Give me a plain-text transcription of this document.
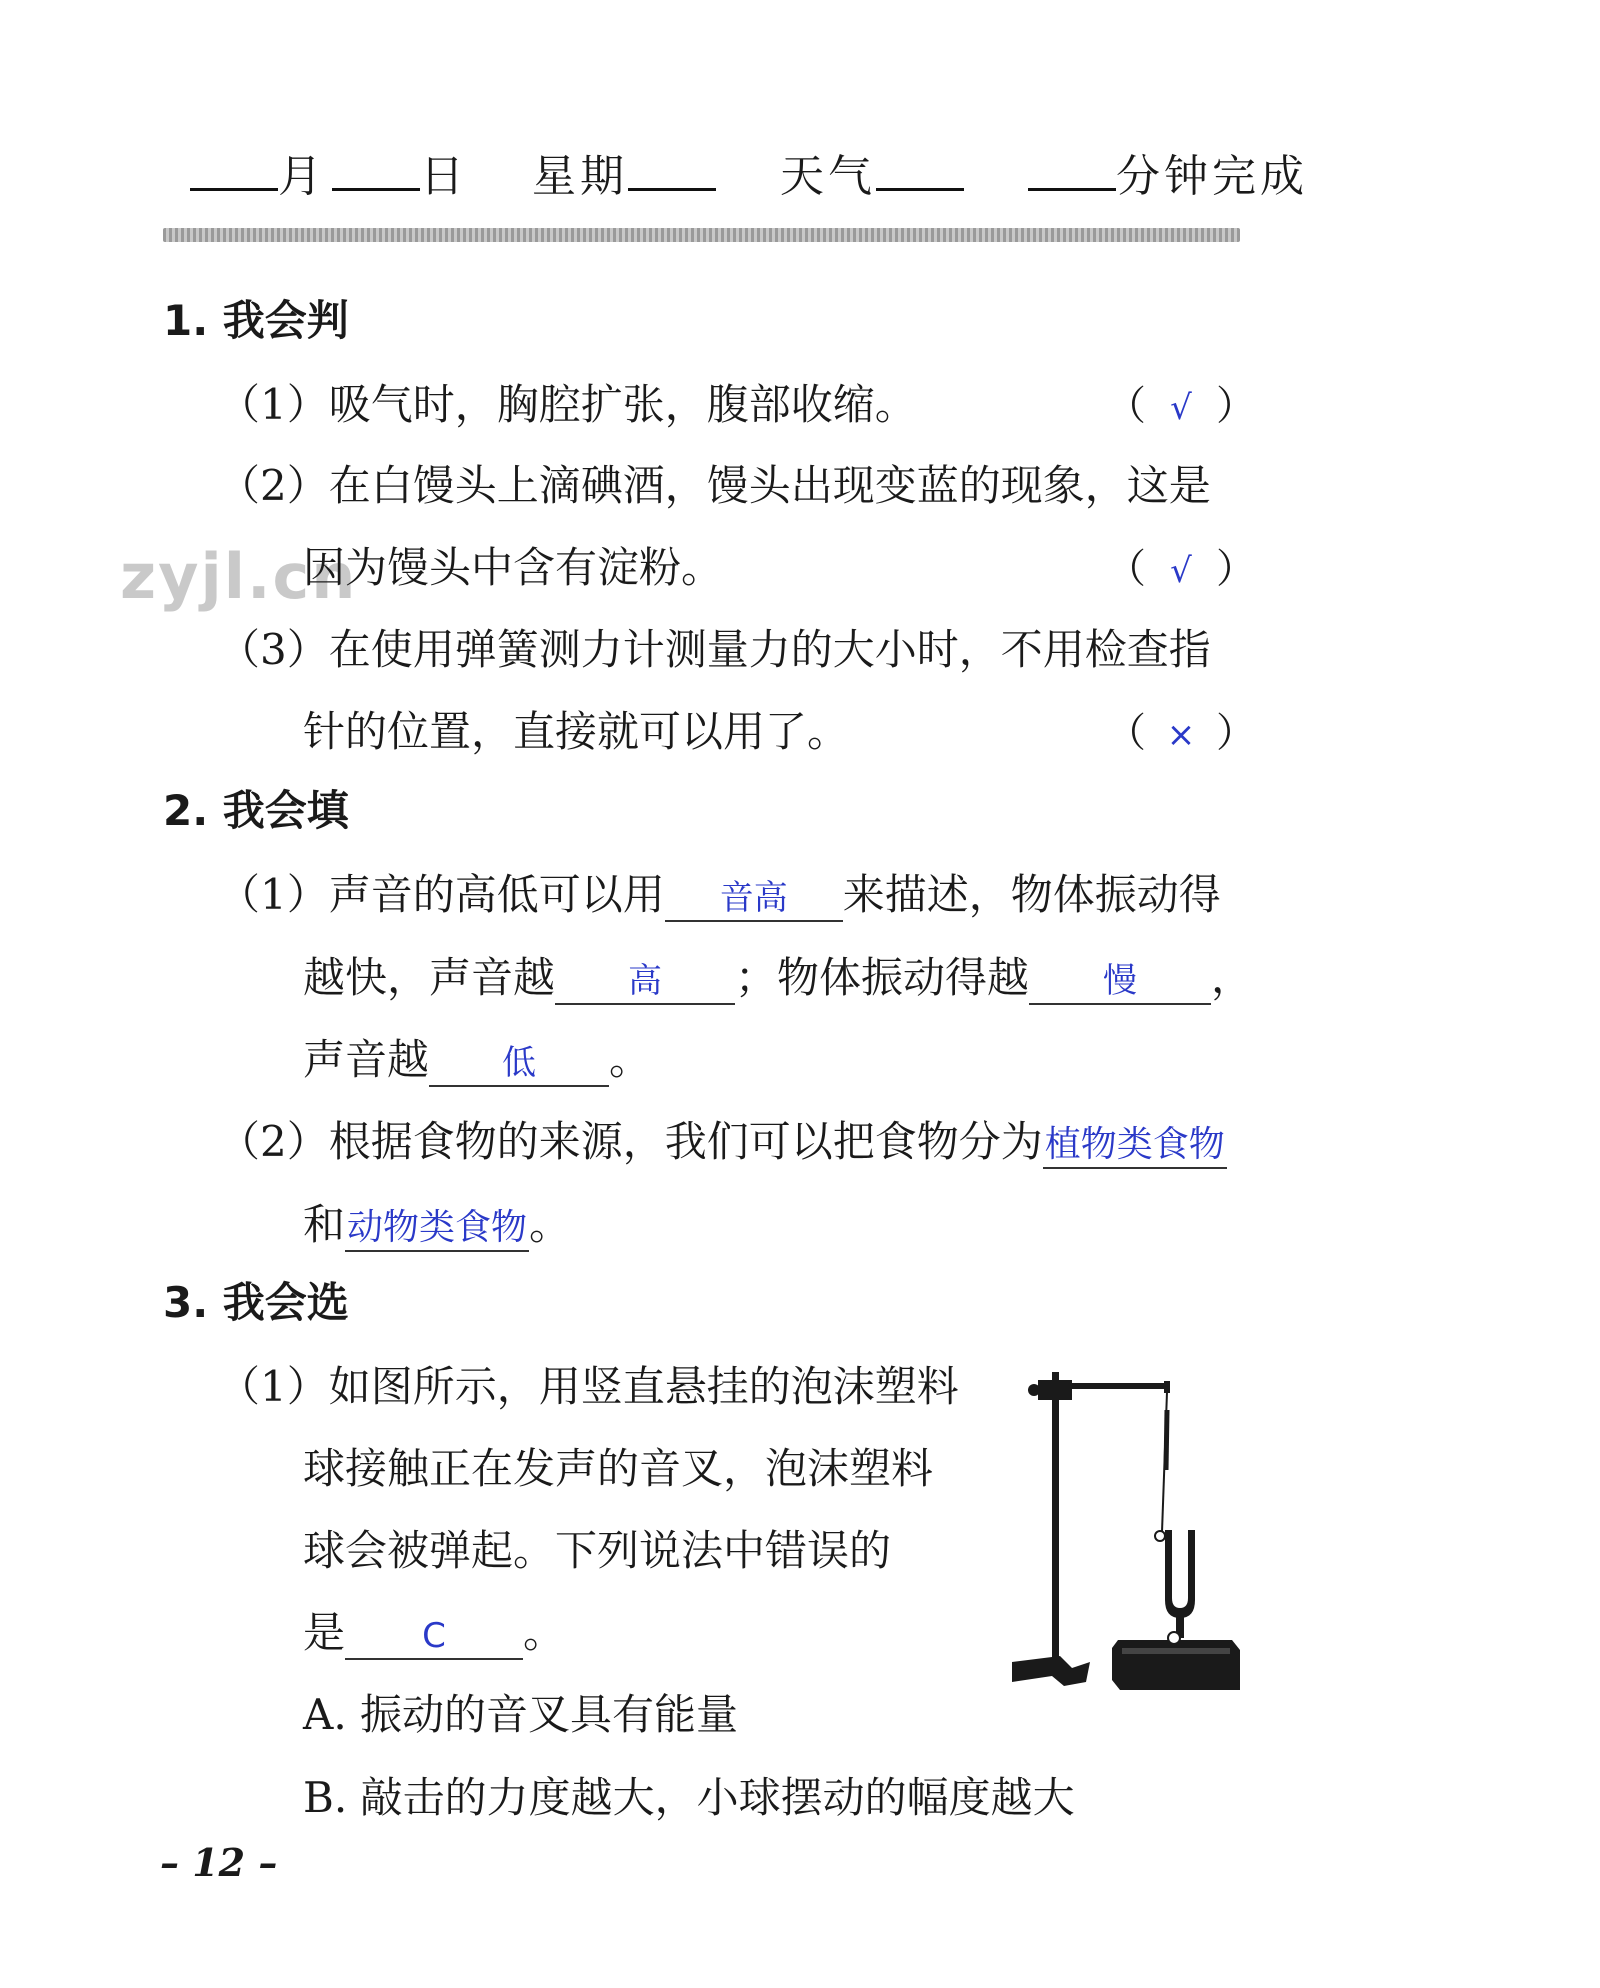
月 日 星期	天气	分钟完成
zyjl.cn
1. 我会判
（1）吸气时，胸腔扩张，腹部收缩。	（ √ ）
（2）在白馒头上滴碘酒，馒头出现变蓝的现象，这是
因为馒头中含有淀粉。	（ √ ）
（3）在使用弹簧测力计测量力的大小时，不用检查指
针的位置，直接就可以用了。	（ × ）
2. 我会填
（1）声音的高低可以用 音高 来描述，物体振动得
越快，声音越 高 ；物体振动得越 慢 ，
声音越 低 。
（2）根据食物的来源，我们可以把食物分为植物类食物
和动物类食物。
3. 我会选
（1）如图所示，用竖直悬挂的泡沫塑料
球接触正在发声的音叉，泡沫塑料
球会被弹起。下列说法中错误的
是 C 。
A. 振动的音叉具有能量
B. 敲击的力度越大，小球摆动的幅度越大
– 12 –
